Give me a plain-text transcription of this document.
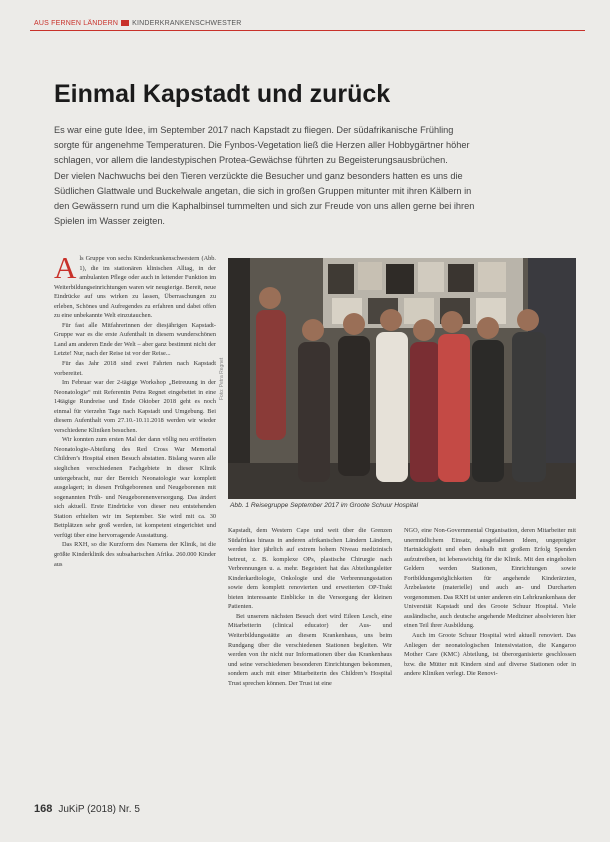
AUS FERNEN LÄNDERN KINDERKRANKENSCHWESTER
Einmal Kapstadt und zurück
Es war eine gute Idee, im September 2017 nach Kapstadt zu fliegen. Der südafrikanische Frühling
sorgte für angenehme Temperaturen. Die Fynbos-Vegetation ließ die Herzen aller Hobbygärtner höher
schlagen, vor allem die landestypischen Protea-Gewächse führten zu Begeisterungsausbrüchen.
Der vielen Nachwuchs bei den Tieren verzückte die Besucher und ganz besonders hatten es uns die
Südlichen Glattwale und Buckelwale angetan, die sich in großen Gruppen mitunter mit ihren Kälbern in
den Gewässern rund um die Kaphalbinsel tummelten und sich zur Freude von uns allen gerne bei ihren
Spielen im Wasser zeigten.

Als Gruppe von sechs Kinderkrankenschwestern (Abb. 1), die im stationären klinischen Alltag, in der ambulanten Pflege oder auch in leitender Funktion im Weiterbildungseinrichtungen waren wir neugierige. Bereit, neue Eindrücke auf uns wirken zu lassen, Überraschungen zu erleben, Schönes und Aufregendes zu erfahren und dabei offen zu eine unbekannte Welt einzutauchen.

Für fast alle Mitfahrerinnen der diesjährigen Kapstadt-Gruppe war es die erste Aufenthalt in diesem wunderschönen Land am anderen Ende der Welt – aber ganz bestimmt nicht der Letzte! Nur, nach der Reise ist vor der Reise...

Für das Jahr 2018 sind zwei Fahrten nach Kapstadt vorbereitet.

Im Februar war der 2-tägige Workshop „Betreuung in der Neonatologie“ mit Referentin Petra Regnet eingebettet in eine 14tägige Rundreise und Ende Oktober 2018 geht es noch einmal für vierzehn Tage nach Kapstadt und Umgebung. Bei diesem Aufenthalt vom 27.10.-10.11.2018 werden wir wieder verschiedene Kliniken besuchen.

Wir konnten zum ersten Mal der dann völlig neu eröffneten Neonatologie-Abteilung des Red Cross War Memorial Children’s Hospital einen Besuch abstatten. Bislang waren alle sieglichen verschiedenen Fachgebiete in dieser Klinik untergebracht, nur der Bereich Neonatologie war komplett ausgelagert; in diesen Frühgeborenen und Neugeborenen mit sogenannten Früh- und Neugeborenenversorgung. Das ändert sich aktuell. Erste Eindrücke von dieser neu entstehenden Station erhielten wir im September. Sie wird mit ca. 30 Bettplätzen sehr groß werden, ist kompetent eingerichtet und verfügt über eine hervorragende Ausstattung.

Das RXH, so die Kurzform des Namens der Klinik, ist die größte Kinderklinik des subsaharischen Afrika. 260.000 Kinder aus

Foto: Petra Regnet
Abb. 1 Reisegruppe September 2017 im Groote Schuur Hospital

Kapstadt, dem Western Cape und weit über die Grenzen Südafrikas hinaus in anderen afrikanischen Ländern Ländern, werden hier jährlich auf extrem hohem Niveau medizinisch betreut, z. B. komplexe OPs, plastische Chirurgie nach Verbrennungen u. a. mehr. Begeistert hat das Abteilungsleiter Kinderkardiologie, Onkologie und die Verbrennungsstation sowie dem komplett renovierten und erweiterten OP-Trakt bieten interessante Einblicke in die Versorgung der kleinen Patienten.

Bei unserem nächsten Besuch dort wird Eileen Lesch, eine Mitarbeiterin (clinical educator) der Aus- und Weiterbildungsstätte an diesem Krankenhaus, uns beim Rundgang über die verschiedenen Stationen begleiten. Wir werden von ihr nicht nur Informationen über das Krankenhaus und seine verschiedenen besonderen Einrichtungen bekommen, sondern auch mit einer Mitarbeiterin des Children’s Hospital Trust sprechen können. Der Trust ist eine

NGO, eine Non-Governmental Organisation, deren Mitarbeiter mit unermüdlichem Einsatz, ausgefallenen Ideen, ungeprägter Hartnäckigkeit und eben deshalb mit großem Erfolg Spenden aufzutreiben, ist lebenswichtig für die Klinik. Mit den eingeholten Geldern werden Stationen, Einrichtungen sowie Fortbildungsmöglichkeiten für angehende Kinderärzten, Ärzbelastete (materielle) und auch an- und Durcharten vorgenommen. Das RXH ist unter anderen ein Lehrkrankenhaus der Universität Kapstadt und des Groote Schuur Hospital. Viele ausländische, auch deutsche angehende Mediziner absolvieren hier einen Teil ihrer Ausbildung.

Auch im Groote Schuur Hospital wird aktuell renoviert. Das Anliegen der neonatologischen Intensivstation, die Kangaroo Mother Care (KMC) Abteilung, ist überorganisierte geschlossen bzw. die Mütter mit Kindern sind auf diverse Stationen oder in andere Kliniken verlegt. Die Renovi-

168 JuKiP (2018) Nr. 5
